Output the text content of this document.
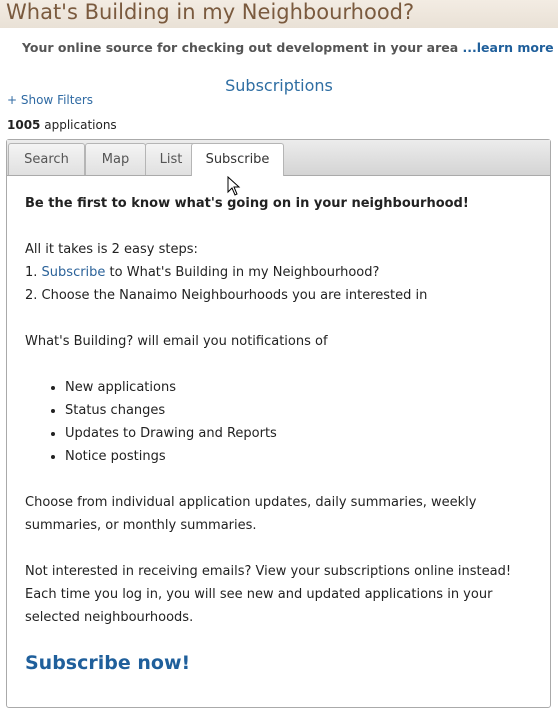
What's Building in my Neighbourhood?
Your online source for checking out development in your area ...learn more
Subscriptions
+ Show Filters
1005 applications
Search	Map	List	Subscribe
Be the first to know what's going on in your neighbourhood!
All it takes is 2 easy steps:
1. Subscribe to What's Building in my Neighbourhood?
2. Choose the Nanaimo Neighbourhoods you are interested in
What's Building? will email you notifications of
• New applications
• Status changes
• Updates to Drawing and Reports
• Notice postings
Choose from individual application updates, daily summaries, weekly summaries, or monthly summaries.
Not interested in receiving emails? View your subscriptions online instead!
Each time you log in, you will see new and updated applications in your selected neighbourhoods.
Subscribe now!
